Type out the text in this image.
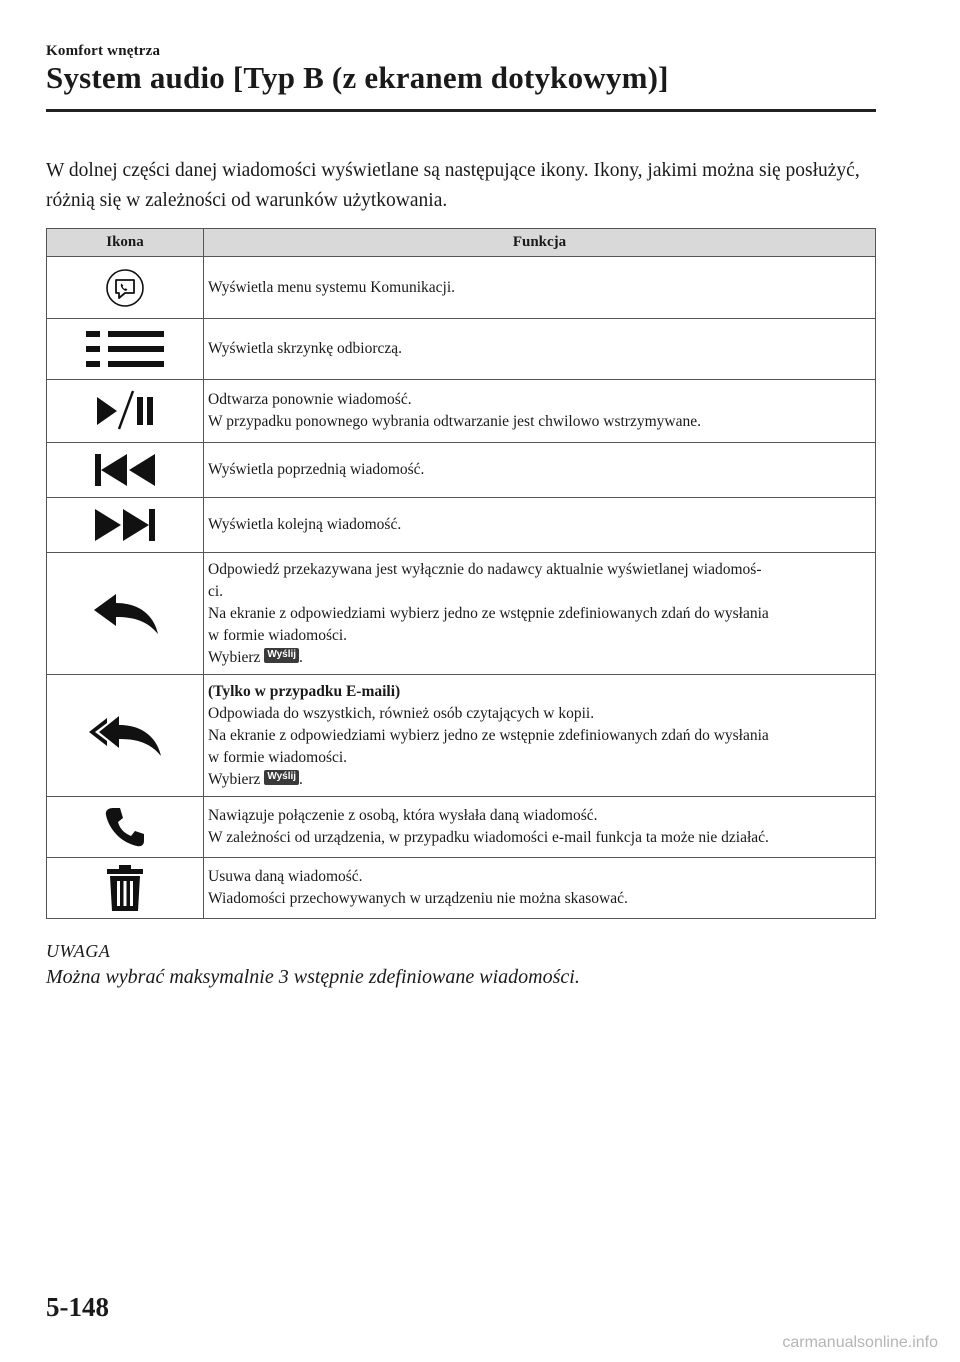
Komfort wnętrza
System audio [Typ B (z ekranem dotykowym)]

W dolnej części danej wiadomości wyświetlane są następujące ikony. Ikony, jakimi można się posłużyć, różnią się w zależności od warunków użytkowania.

Ikona	Funkcja

Wyświetla menu systemu Komunikacji.

Wyświetla skrzynkę odbiorczą.

Odtwarza ponownie wiadomość.
W przypadku ponownego wybrania odtwarzanie jest chwilowo wstrzymywane.

Wyświetla poprzednią wiadomość.

Wyświetla kolejną wiadomość.

Odpowiedź przekazywana jest wyłącznie do nadawcy aktualnie wyświetlanej wiadomoś-
ci.
Na ekranie z odpowiedziami wybierz jedno ze wstępnie zdefiniowanych zdań do wysłania
w formie wiadomości.
Wybierz Wyślij .

(Tylko w przypadku E-maili)
Odpowiada do wszystkich, również osób czytających w kopii.
Na ekranie z odpowiedziami wybierz jedno ze wstępnie zdefiniowanych zdań do wysłania
w formie wiadomości.
Wybierz Wyślij .

Nawiązuje połączenie z osobą, która wysłała daną wiadomość.
W zależności od urządzenia, w przypadku wiadomości e-mail funkcja ta może nie działać.

Usuwa daną wiadomość.
Wiadomości przechowywanych w urządzeniu nie można skasować.
UWAGA

Można wybrać maksymalnie 3 wstępnie zdefiniowane wiadomości.

5-148
carmanualsonline.info
